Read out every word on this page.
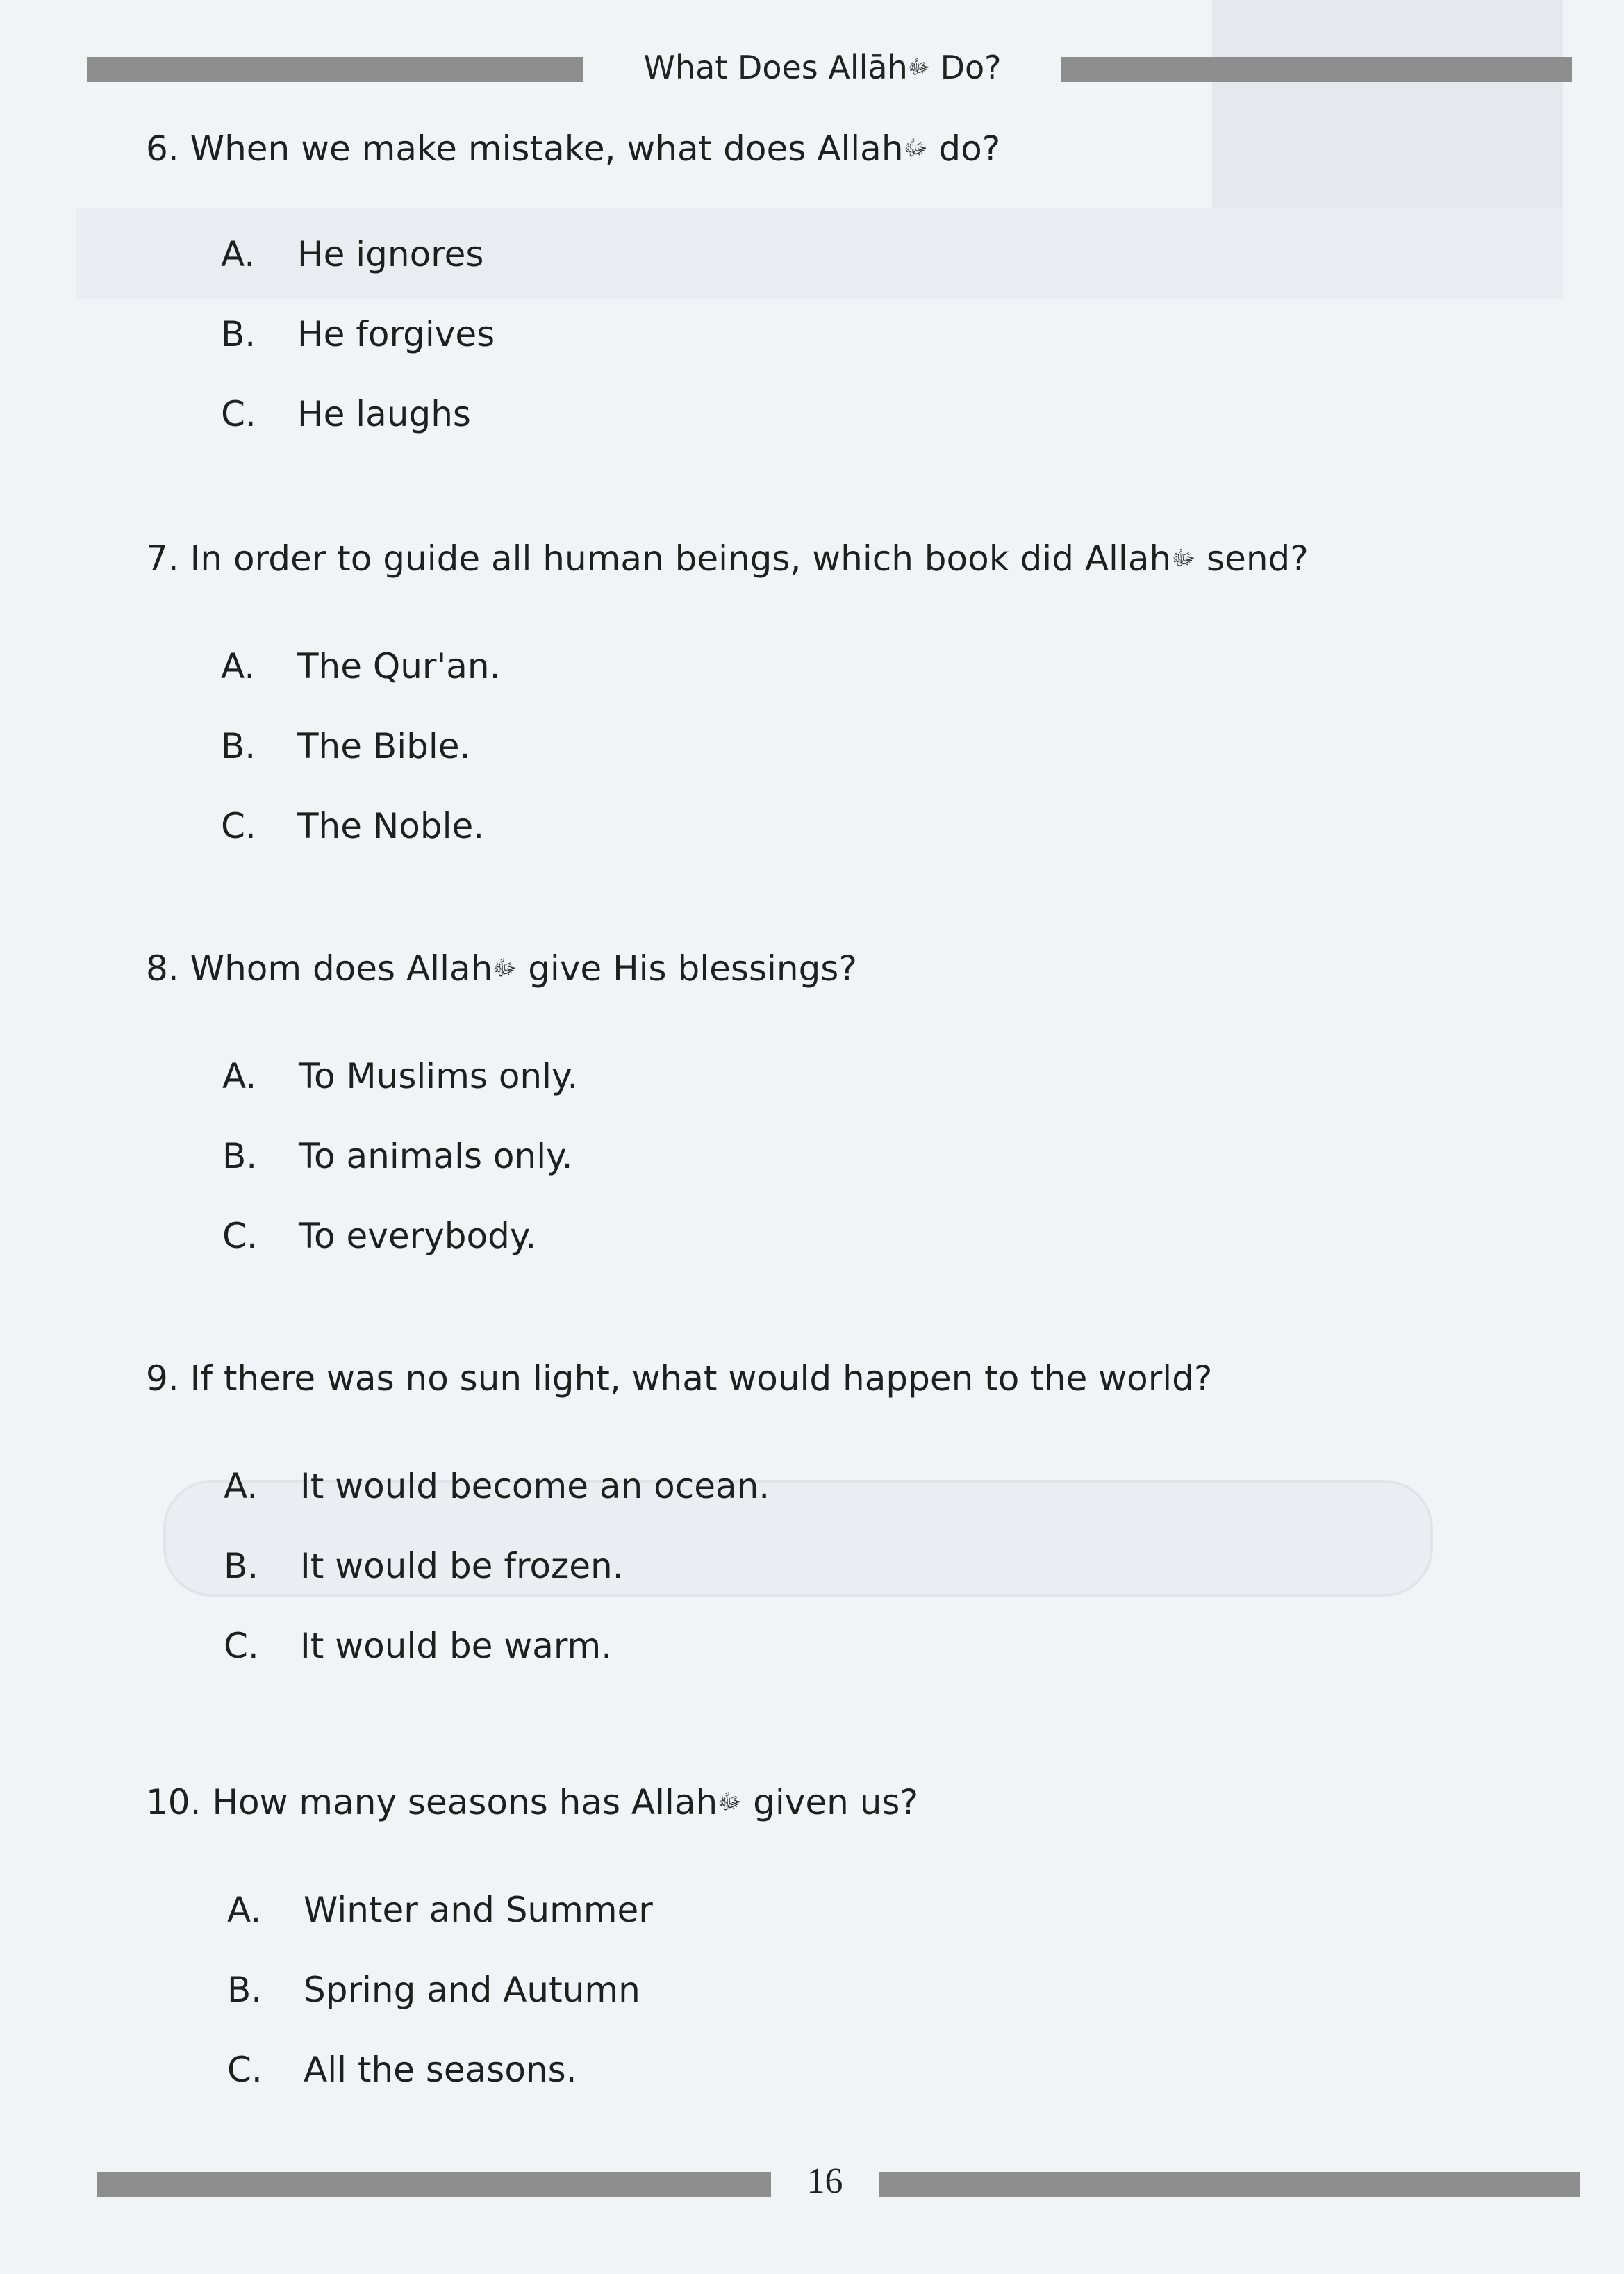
What Does Allāhﷻ Do?
6. When we make mistake, what does Allahﷻ do?
A. He ignores
B. He forgives
C. He laughs
7. In order to guide all human beings, which book did Allahﷻ send?
A. The Qur'an.
B. The Bible.
C. The Noble.
8. Whom does Allahﷻ give His blessings?
A. To Muslims only.
B. To animals only.
C. To everybody.
9. If there was no sun light, what would happen to the world?
A. It would become an ocean.
B. It would be frozen.
C. It would be warm.
10. How many seasons has Allahﷻ given us?
A. Winter and Summer
B. Spring and Autumn
C. All the seasons.
16
